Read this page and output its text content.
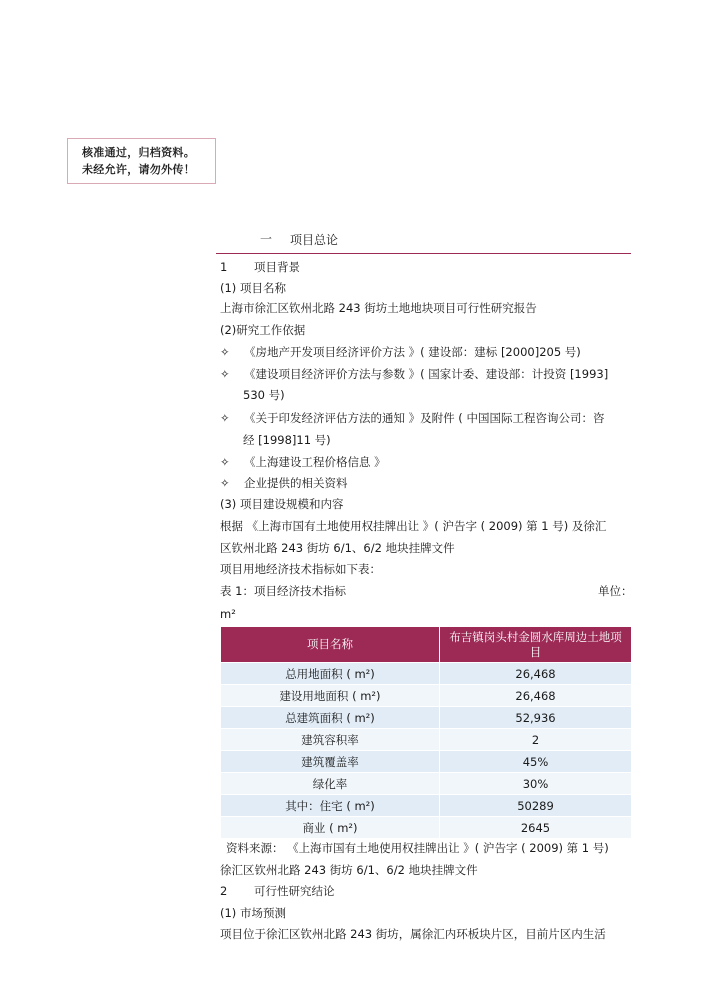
核准通过，归档资料。
未经允许，请勿外传！
一 项目总论
1 项目背景
(1) 项目名称
上海市徐汇区钦州北路 243 街坊土地地块项目可行性研究报告
(2)研究工作依据
✧ 《房地产开发项目经济评价方法 》( 建设部：建标 [2000]205 号)
✧ 《建设项目经济评价方法与参数 》( 国家计委、建设部：计投资 [1993]
530 号)
✧ 《关于印发经济评估方法的通知 》及附件 ( 中国国际工程咨询公司：咨
经 [1998]11 号)
✧ 《上海建设工程价格信息 》
✧ 企业提供的相关资料
(3) 项目建设规模和内容
根据 《上海市国有土地使用权挂牌出让 》( 沪告字 ( 2009) 第 1 号) 及徐汇
区钦州北路 243 街坊 6/1、6/2 地块挂牌文件
项目用地经济技术指标如下表：
表 1：项目经济技术指标	单位：
m²
项目名称	布吉镇岗头村金圆水库周边土地项目
总用地面积 ( m²)	26,468
建设用地面积 ( m²)	26,468
总建筑面积 ( m²)	52,936
建筑容积率	2
建筑覆盖率	45%
绿化率	30%
其中：住宅 ( m²)	50289
商业 ( m²)	2645
资料来源： 《上海市国有土地使用权挂牌出让 》( 沪告字 ( 2009) 第 1 号)
徐汇区钦州北路 243 街坊 6/1、6/2 地块挂牌文件
2 可行性研究结论
(1) 市场预测
项目位于徐汇区钦州北路 243 街坊，属徐汇内环板块片区，目前片区内生活
